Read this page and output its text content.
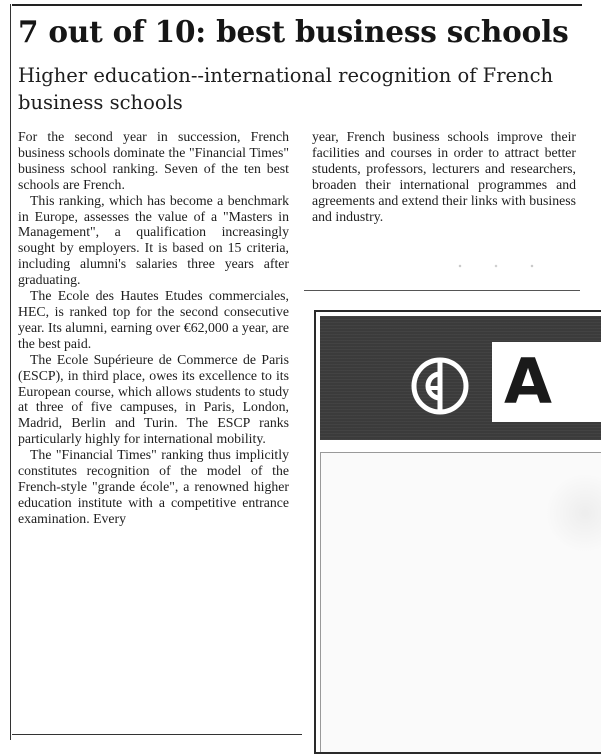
7 out of 10: best business schools
Higher education--international recognition of French business schools

For the second year in succession, French business schools dominate the "Financial Times" business school ranking. Seven of the ten best schools are French.

This ranking, which has become a benchmark in Europe, assesses the value of a "Masters in Management", a qualification increasingly sought by employers. It is based on 15 criteria, including alumni's salaries three years after graduating.

The Ecole des Hautes Etudes commerciales, HEC, is ranked top for the second consecutive year. Its alumni, earning over €62,000 a year, are the best paid.

The Ecole Supérieure de Commerce de Paris (ESCP), in third place, owes its excellence to its European course, which allows students to study at three of five campuses, in Paris, London, Madrid, Berlin and Turin. The ESCP ranks particularly highly for international mobility.

The "Financial Times" ranking thus implicitly constitutes recognition of the model of the French-style "grande école", a renowned higher education institute with a competitive entrance examination. Every

year, French business schools improve their facilities and courses in order to attract better students, professors, lecturers and researchers, broaden their international programmes and agreements and extend their links with business and industry.

A
